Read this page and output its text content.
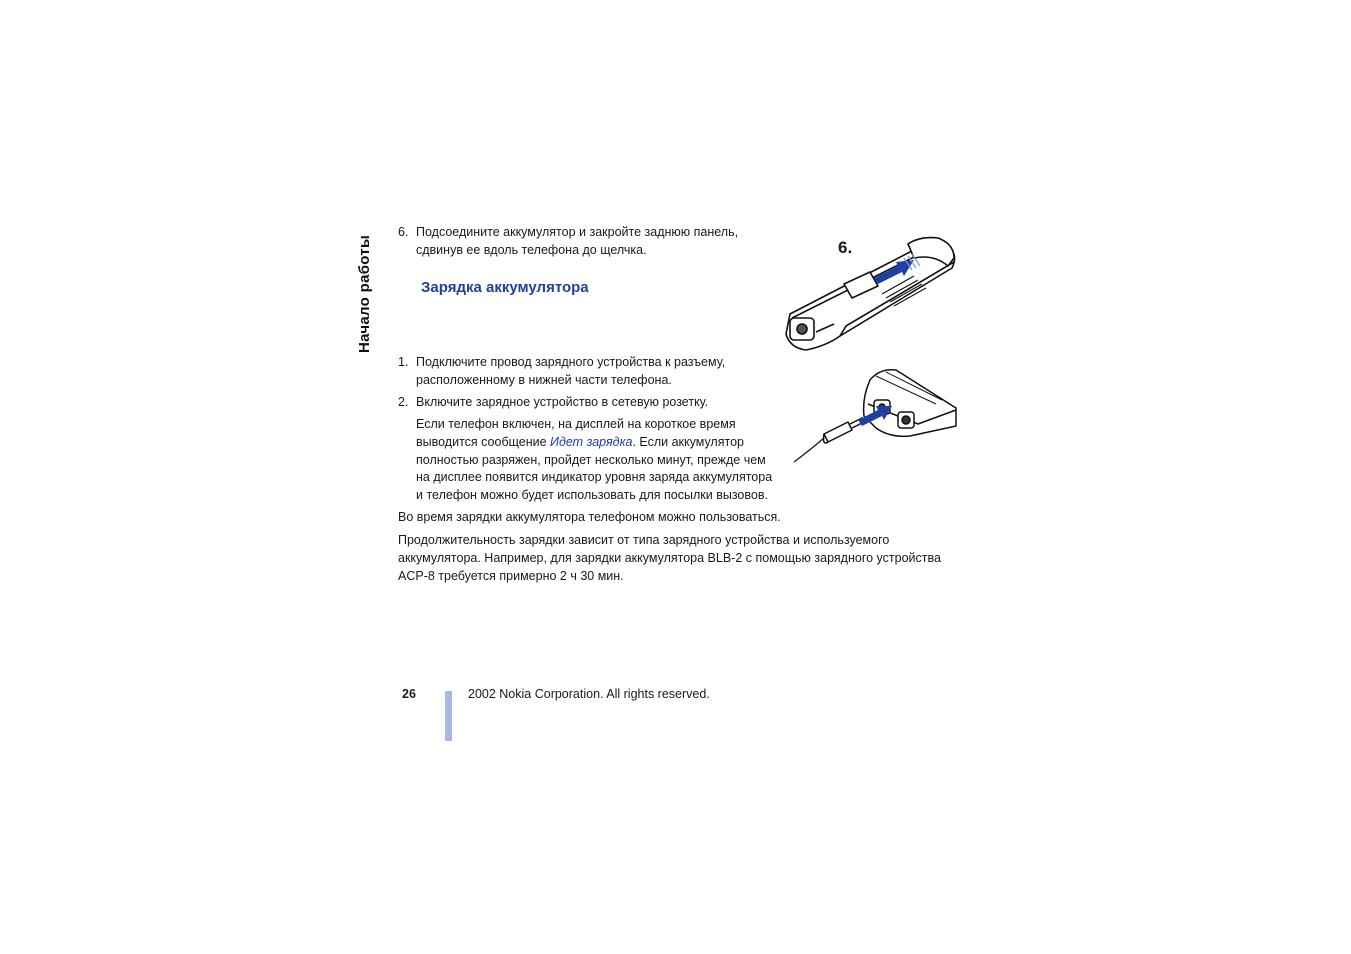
Начало работы
6. Подсоедините аккумулятор и закройте заднюю панель,
сдвинув ее вдоль телефона до щелчка.
Зарядка аккумулятора
6.
1. Подключите провод зарядного устройства к разъему,
расположенному в нижней части телефона.
2. Включите зарядное устройство в сетевую розетку.
Если телефон включен, на дисплей на короткое время
выводится сообщение Идет зарядка. Если аккумулятор
полностью разряжен, пройдет несколько минут, прежде чем
на дисплее появится индикатор уровня заряда аккумулятора
и телефон можно будет использовать для посылки вызовов.
Во время зарядки аккумулятора телефоном можно пользоваться.
Продолжительность зарядки зависит от типа зарядного устройства и используемого
аккумулятора. Например, для зарядки аккумулятора BLB-2 с помощью зарядного устройства
ACP-8 требуется примерно 2 ч 30 мин.
26	2002 Nokia Corporation. All rights reserved.
